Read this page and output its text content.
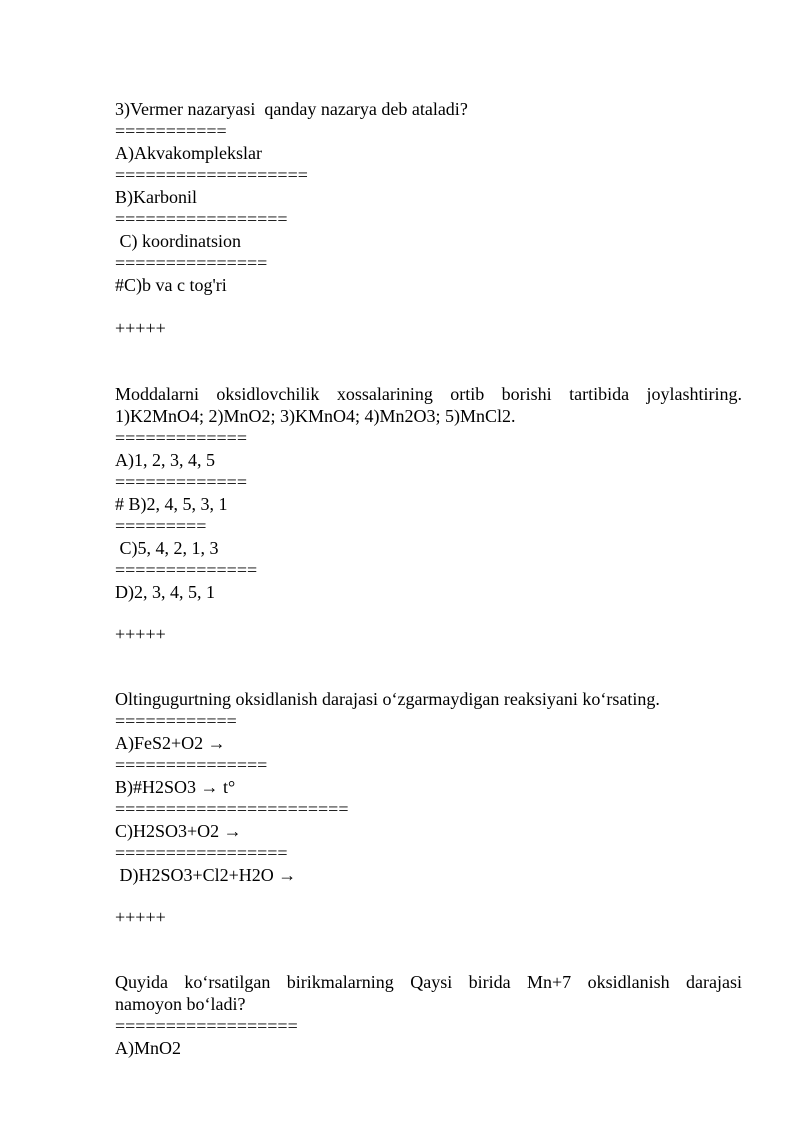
3)Vermer nazaryasi  qanday nazarya deb ataladi?
===========
A)Akvakomplekslar
===================
B)Karbonil
=================
C) koordinatsion
===============
#C)b va c tog'ri
+++++
Moddalarni oksidlovchilik xossalarining ortib borishi tartibida joylashtiring.
1)K2MnO4; 2)MnO2; 3)KMnO4; 4)Mn2O3; 5)MnCl2.
=============
A)1, 2, 3, 4, 5
=============
# B)2, 4, 5, 3, 1
=========
C)5, 4, 2, 1, 3
==============
D)2, 3, 4, 5, 1
+++++
Oltingugurtning oksidlanish darajasi o‘zgarmaydigan reaksiyani ko‘rsating.
============
A)FeS2+O2 →
===============
B)#H2SO3 → t°
=======================
C)H2SO3+O2 →
=================
D)H2SO3+Cl2+H2O →
+++++
Quyida ko‘rsatilgan birikmalarning Qaysi birida Mn+7 oksidlanish darajasi
namoyon bo‘ladi?
==================
A)MnO2
